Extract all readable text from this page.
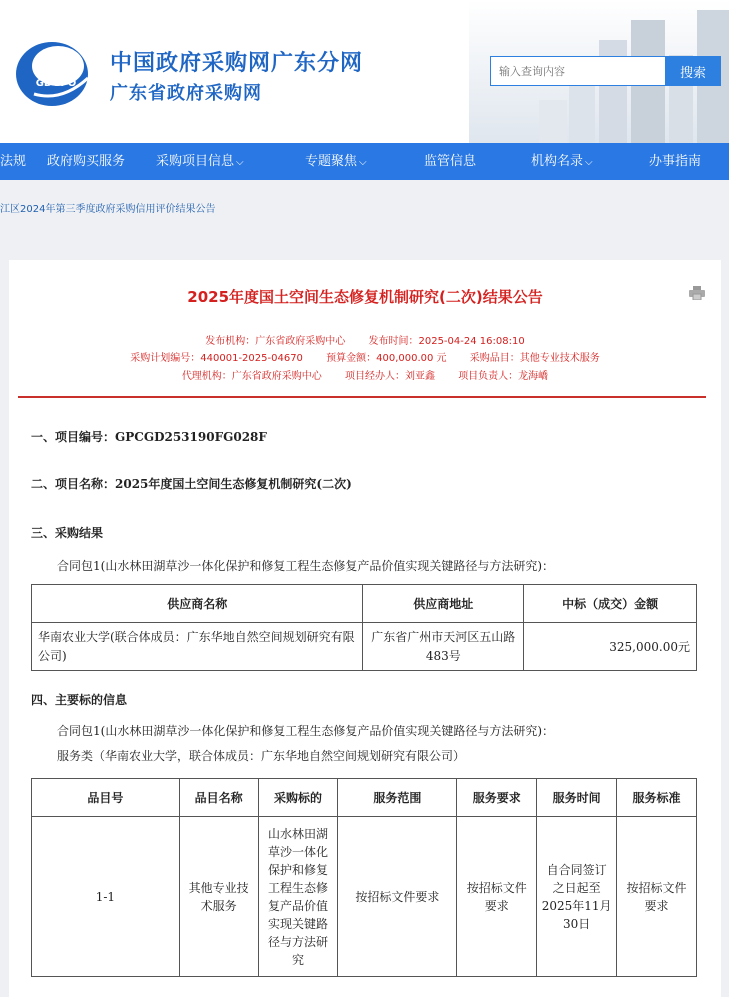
GDGPO
中国政府采购网广东分网
广东省政府采购网
输入查询内容
搜索
法规 政府购买服务 采购项目信息 ⌵	专题聚焦 ⌵	监管信息	机构名录 ⌵	办事指南
江区2024年第三季度政府采购信用评价结果公告
2025年度国土空间生态修复机制研究(二次)结果公告
发布机构：广东省政府采购中心 发布时间：2025-04-24 16:08:10
采购计划编号：440001-2025-04670 预算金额：400,000.00 元 采购品目：其他专业技术服务
代理机构：广东省政府采购中心 项目经办人：刘亚鑫 项目负责人：龙海嶠
一、项目编号：GPCGD253190FG028F
二、项目名称：2025年度国土空间生态修复机制研究(二次)
三、采购结果
合同包1(山水林田湖草沙一体化保护和修复工程生态修复产品价值实现关键路径与方法研究)：
供应商名称	供应商地址	中标（成交）金额
华南农业大学(联合体成员：广东华地自然空间规划研究有限公司)	广东省广州市天河区五山路483号	325,000.00元
四、主要标的信息
合同包1(山水林田湖草沙一体化保护和修复工程生态修复产品价值实现关键路径与方法研究)：
服务类（华南农业大学，联合体成员：广东华地自然空间规划研究有限公司）
品目号	品目名称	采购标的	服务范围	服务要求	服务时间	服务标准
1-1	其他专业技术服务	山水林田湖草沙一体化保护和修复工程生态修复产品价值实现关键路径与方法研究	按招标文件要求	按招标文件要求	自合同签订之日起至2025年11月30日	按招标文件要求
